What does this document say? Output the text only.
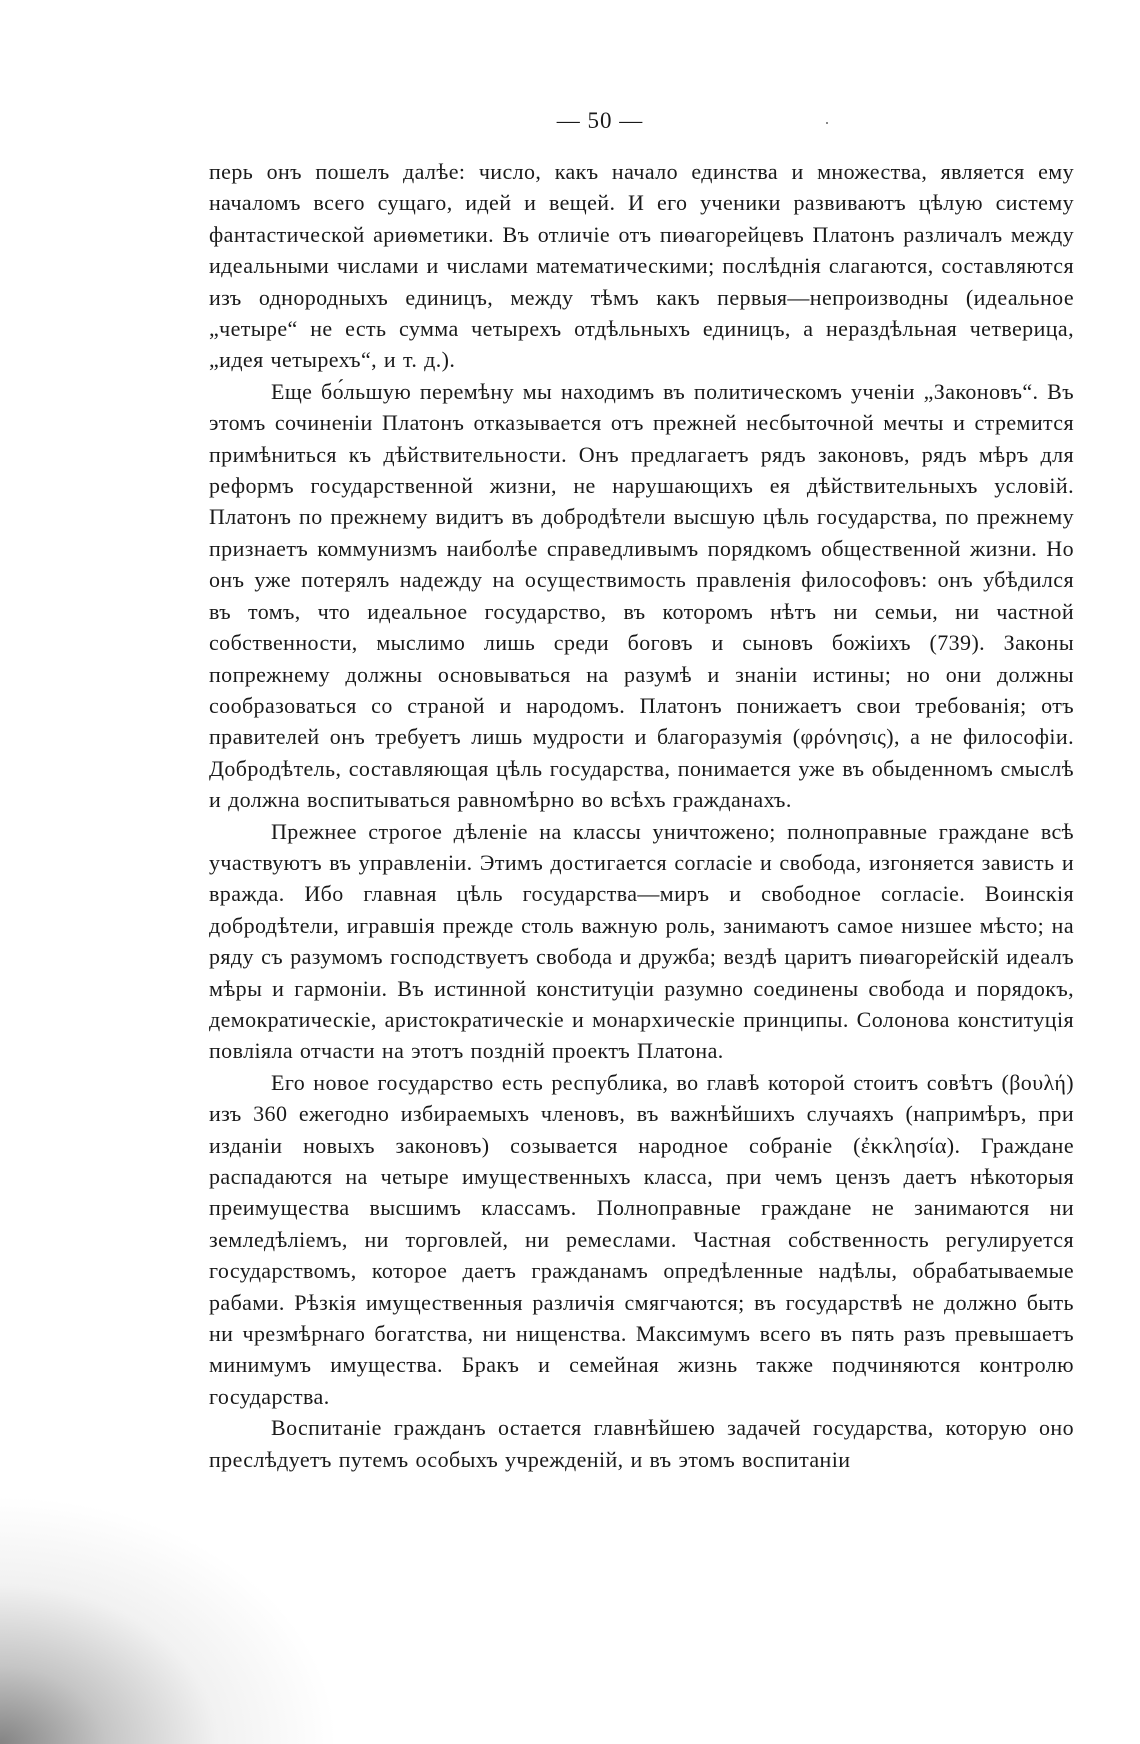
— 50 —

перь онъ пошелъ далѣе: число, какъ начало единства и множества, является ему началомъ всего сущаго, идей и вещей. И его ученики развиваютъ цѣлую систему фантастической ариѳметики. Въ отличіе отъ пиѳагорейцевъ Платонъ различалъ между идеальными числами и числами математическими; послѣднія слагаются, составляются изъ однородныхъ единицъ, между тѣмъ какъ первыя—непроизводны (идеальное „четыре“ не есть сумма четырехъ отдѣльныхъ единицъ, а нераздѣльная четверица, „идея четырехъ“, и т. д.).

Еще бо́льшую перемѣну мы находимъ въ политическомъ ученіи „Законовъ“. Въ этомъ сочиненіи Платонъ отказывается отъ прежней несбыточной мечты и стремится примѣниться къ дѣйствительности. Онъ предлагаетъ рядъ законовъ, рядъ мѣръ для реформъ государственной жизни, не нарушающихъ ея дѣйствительныхъ условій. Платонъ по прежнему видитъ въ добродѣтели высшую цѣль государства, по прежнему признаетъ коммунизмъ наиболѣе справедливымъ порядкомъ общественной жизни. Но онъ уже потерялъ надежду на осуществимость правленія философовъ: онъ убѣдился въ томъ, что идеальное государство, въ которомъ нѣтъ ни семьи, ни частной собственности, мыслимо лишь среди боговъ и сыновъ божіихъ (739). Законы попрежнему должны основываться на разумѣ и знаніи истины; но они должны сообразоваться со страной и народомъ. Платонъ понижаетъ свои требованія; отъ правителей онъ требуетъ лишь мудрости и благоразумія (φρόνησις), а не философіи. Добродѣтель, составляющая цѣль государства, понимается уже въ обыденномъ смыслѣ и должна воспитываться равномѣрно во всѣхъ гражданахъ.

Прежнее строгое дѣленіе на классы уничтожено; полноправные граждане всѣ участвуютъ въ управленіи. Этимъ достигается согласіе и свобода, изгоняется зависть и вражда. Ибо главная цѣль государства—миръ и свободное согласіе. Воинскія добродѣтели, игравшія прежде столь важную роль, занимаютъ самое низшее мѣсто; на ряду съ разумомъ господствуетъ свобода и дружба; вездѣ царитъ пиѳагорейскій идеалъ мѣры и гармоніи. Въ истинной конституціи разумно соединены свобода и порядокъ, демократическіе, аристократическіе и монархическіе принципы. Солонова конституція повліяла отчасти на этотъ поздній проектъ Платона.

Его новое государство есть республика, во главѣ которой стоитъ совѣтъ (βουλή) изъ 360 ежегодно избираемыхъ членовъ, въ важнѣйшихъ случаяхъ (напримѣръ, при изданіи новыхъ законовъ) созывается народное собраніе (ἐκκλησία). Граждане распадаются на четыре имущественныхъ класса, при чемъ цензъ даетъ нѣкоторыя преимущества высшимъ классамъ. Полноправные граждане не занимаются ни земледѣліемъ, ни торговлей, ни ремеслами. Частная собственность регулируется государствомъ, которое даетъ гражданамъ опредѣленные надѣлы, обрабатываемые рабами. Рѣзкія имущественныя различія смягчаются; въ государствѣ не должно быть ни чрезмѣрнаго богатства, ни нищенства. Максимумъ всего въ пять разъ превышаетъ минимумъ имущества. Бракъ и семейная жизнь также подчиняются контролю государства.

Воспитаніе гражданъ остается главнѣйшею задачей государства, которую оно преслѣдуетъ путемъ особыхъ учрежденій, и въ этомъ воспитаніи
